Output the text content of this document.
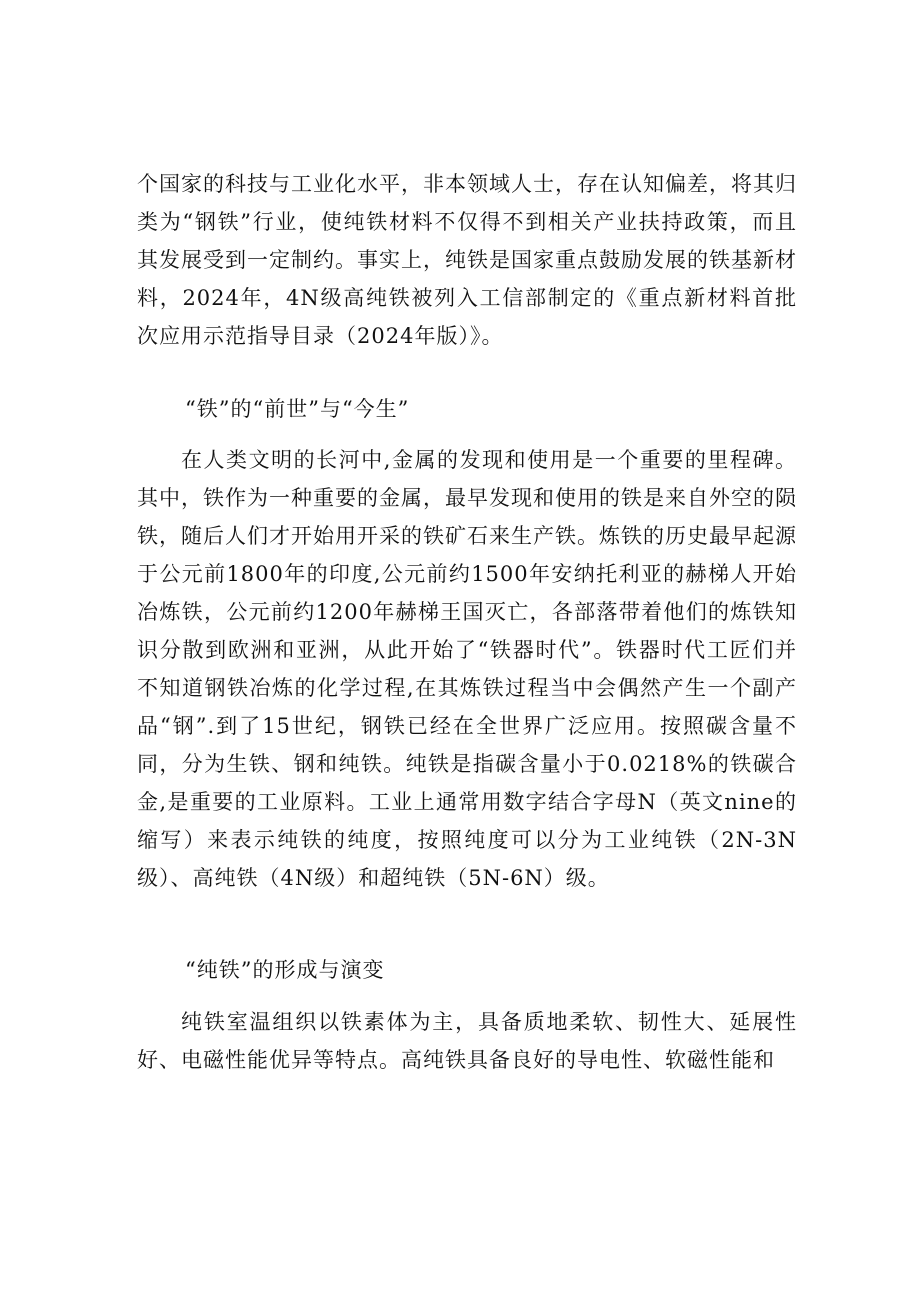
个国家的科技与工业化水平，非本领域人士，存在认知偏差，将其归类为“钢铁”行业，使纯铁材料不仅得不到相关产业扶持政策，而且其发展受到一定制约。事实上，纯铁是国家重点鼓励发展的铁基新材料，2024年，4N级高纯铁被列入工信部制定的《重点新材料首批次应用示范指导目录（2024年版）》。

“铁”的“前世”与“今生”

在人类文明的长河中,金属的发现和使用是一个重要的里程碑。其中，铁作为一种重要的金属，最早发现和使用的铁是来自外空的陨铁，随后人们才开始用开采的铁矿石来生产铁。炼铁的历史最早起源于公元前1800年的印度,公元前约1500年安纳托利亚的赫梯人开始冶炼铁，公元前约1200年赫梯王国灭亡，各部落带着他们的炼铁知识分散到欧洲和亚洲，从此开始了“铁器时代”。铁器时代工匠们并不知道钢铁冶炼的化学过程,在其炼铁过程当中会偶然产生一个副产品“钢”.到了15世纪，钢铁已经在全世界广泛应用。按照碳含量不同，分为生铁、钢和纯铁。纯铁是指碳含量小于0.0218%的铁碳合金,是重要的工业原料。工业上通常用数字结合字母N（英文nine的缩写）来表示纯铁的纯度，按照纯度可以分为工业纯铁（2N-3N级）、高纯铁（4N级）和超纯铁（5N-6N）级。

“纯铁”的形成与演变

纯铁室温组织以铁素体为主，具备质地柔软、韧性大、延展性好、电磁性能优异等特点。高纯铁具备良好的导电性、软磁性能和
